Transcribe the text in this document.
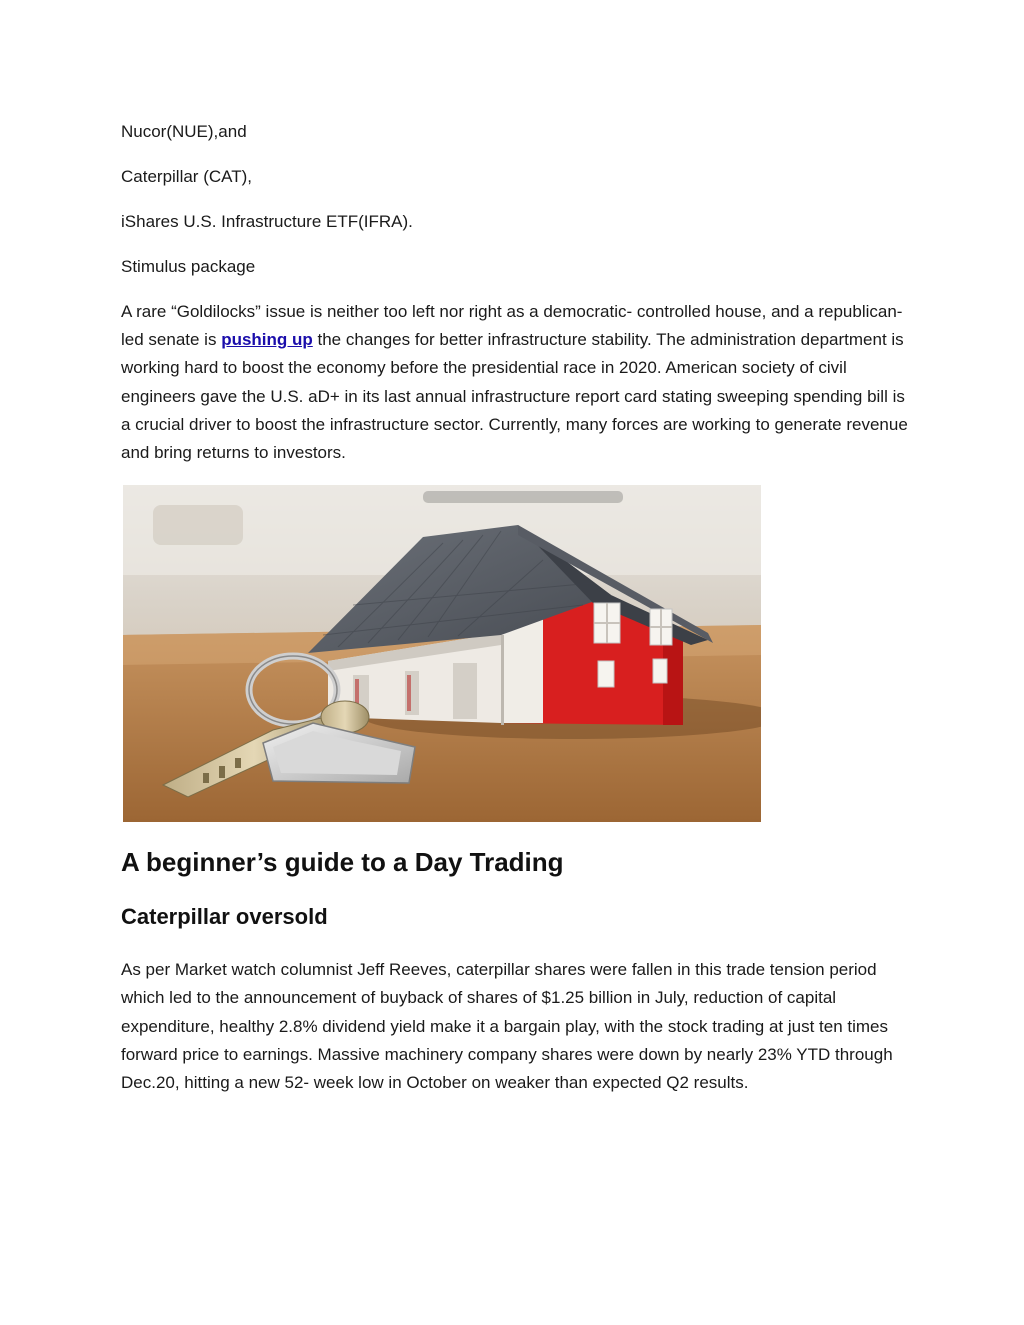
Nucor(NUE),and

Caterpillar (CAT),

iShares U.S. Infrastructure ETF(IFRA).

Stimulus package

A rare “Goldilocks” issue is neither too left nor right as a democratic- controlled house, and a republican-led senate is pushing up the changes for better infrastructure stability. The administration department is working hard to boost the economy before the presidential race in 2020. American society of civil engineers gave the U.S. aD+ in its last annual infrastructure report card stating sweeping spending bill is a crucial driver to boost the infrastructure sector. Currently, many forces are working to generate revenue and bring returns to investors.

A beginner’s guide to a Day Trading
Caterpillar oversold

As per Market watch columnist Jeff Reeves, caterpillar shares were fallen in this trade tension period which led to the announcement of buyback of shares of $1.25 billion in July, reduction of capital expenditure, healthy 2.8% dividend yield make it a bargain play, with the stock trading at just ten times forward price to earnings. Massive machinery company shares were down by nearly 23% YTD through Dec.20, hitting a new 52- week low in October on weaker than expected Q2 results.
